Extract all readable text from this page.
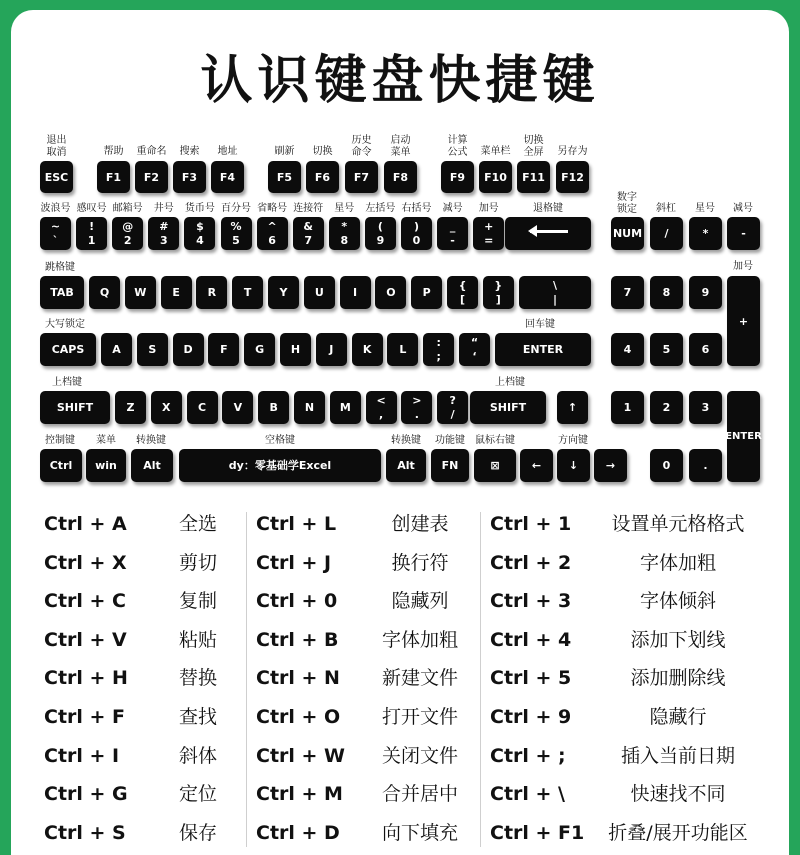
认识键盘快捷键
ESC
退出
取消
F1
帮助
F2
重命名
F3
搜索
F4
地址
F5
刷新
F6
切换
F7
历史
命令
F8
启动
菜单
F9
计算
公式
F10
菜单栏
F11
切换
全屏
F12
另存为
~
`
波浪号
!
1
感叹号
@
2
邮箱号
#
3
井号
$
4
货币号
%
5
百分号
^
6
省略号
&
7
连接符
*
8
星号
(
9
左括号
)
0
右括号
_
-
减号
+
=
加号	退格键
跳格键
TAB	Q	W	E	R	T	Y	U	I	O	P
{
[
}
]
\
|
大写锁定
CAPS	A	S	D	F	G	H	J	K	L
:
;
“
‘	ENTER
回车键
上档键
SHIFT	Z	X	C	V	B	N	M
<
,
>
.
?
/	SHIFT
上档键
↑
Ctrl	win	Alt	dy：零基础学Excel	Alt	FN	⊠
控制键	菜单	转换键	空格键	转换键	功能键	鼠标右键	方向键
←	↓	→
NUM	/	*	-
数字
锁定	斜杠	星号	减号
加号
7	8	9
4	5	6
1	2	3
+
0	.
ENTER
Ctrl + A	全选
Ctrl + X	剪切
Ctrl + C	复制
Ctrl + V	粘贴
Ctrl + H	替换
Ctrl + F	查找
Ctrl + I	斜体
Ctrl + G	定位
Ctrl + S	保存
Ctrl + L	创建表
Ctrl + J	换行符
Ctrl + 0	隐藏列
Ctrl + B	字体加粗
Ctrl + N	新建文件
Ctrl + O	打开文件
Ctrl + W	关闭文件
Ctrl + M	合并居中
Ctrl + D	向下填充
Ctrl + 1	设置单元格格式
Ctrl + 2	字体加粗
Ctrl + 3	字体倾斜
Ctrl + 4	添加下划线
Ctrl + 5	添加删除线
Ctrl + 9	隐藏行
Ctrl + ;	插入当前日期
Ctrl + \	快速找不同
Ctrl + F1	折叠/展开功能区
